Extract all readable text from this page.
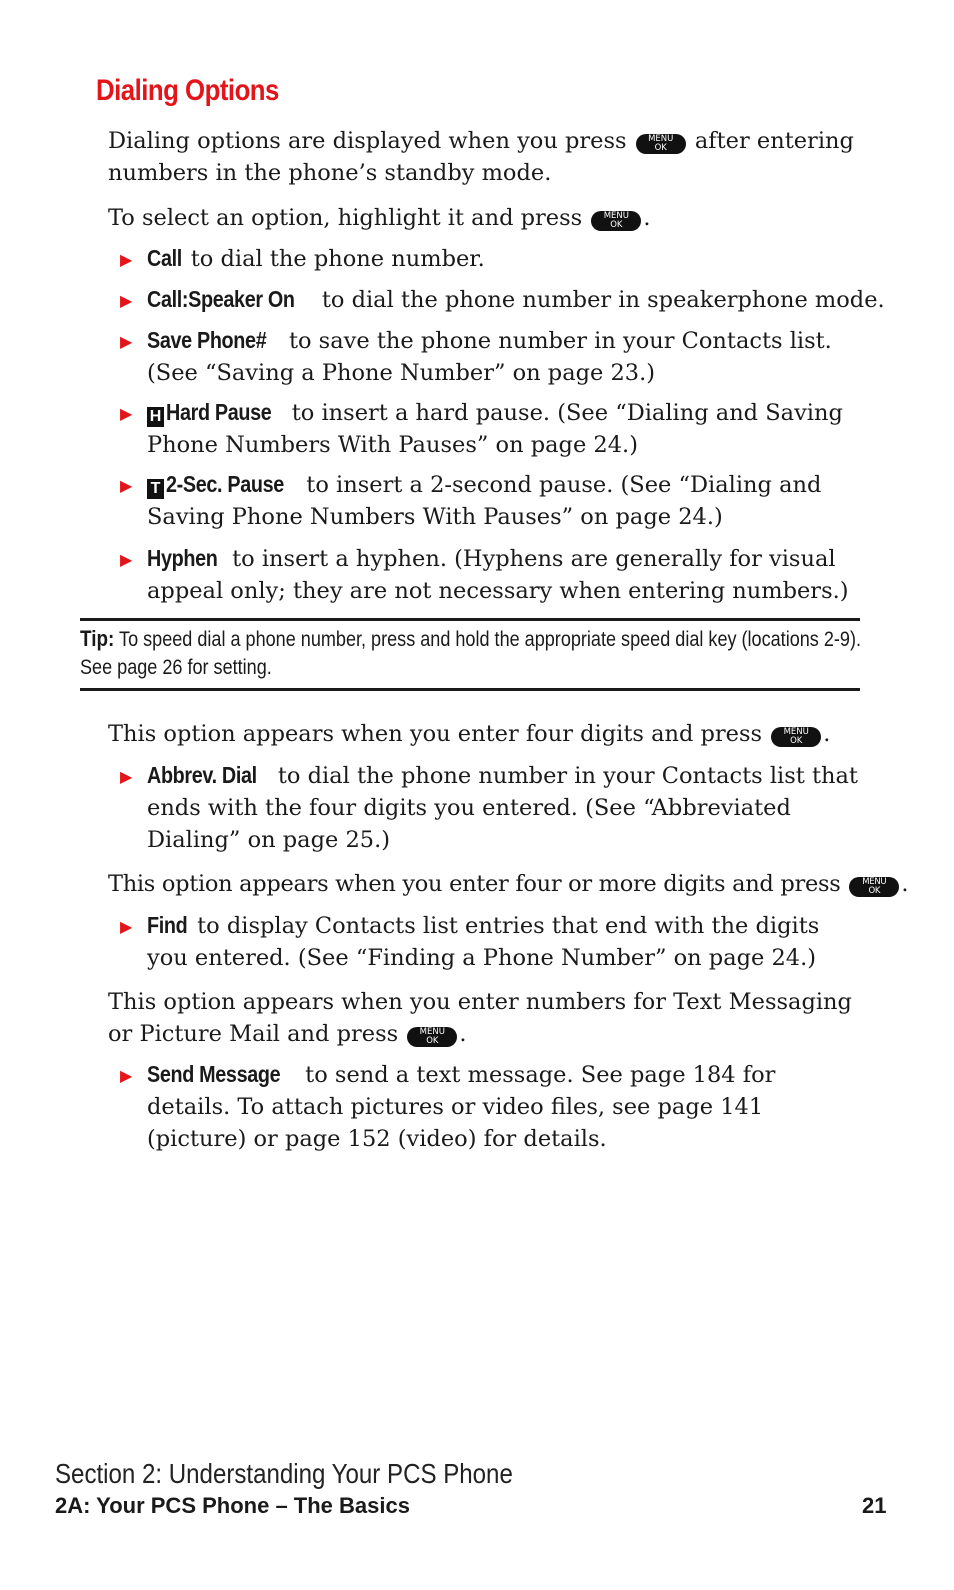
Dialing Options
Dialing options are displayed when you press	MENU
OK after entering numbers in the phone’s standby mode.
To select an option, highlight it and press	MENU
OK .
▶ Call to dial the phone number.
▶ Call:Speaker On to dial the phone number in speakerphone mode.
▶ Save Phone# to save the phone number in your Contacts list. (See “Saving a Phone Number” on page 23.)
▶ H Hard Pause to insert a hard pause. (See “Dialing and Saving Phone Numbers With Pauses” on page 24.)
▶ T 2-Sec. Pause to insert a 2-second pause. (See “Dialing and Saving Phone Numbers With Pauses” on page 24.)
▶ Hyphen to insert a hyphen. (Hyphens are generally for visual appeal only; they are not necessary when entering numbers.)
Tip: To speed dial a phone number, press and hold the appropriate speed dial key (locations 2-9). See page 26 for setting.
This option appears when you enter four digits and press	MENU
OK .
▶ Abbrev. Dial to dial the phone number in your Contacts list that ends with the four digits you entered. (See “Abbreviated Dialing” on page 25.)
This option appears when you enter four or more digits and press	MENU
OK .
▶ Find to display Contacts list entries that end with the digits you entered. (See “Finding a Phone Number” on page 24.)
This option appears when you enter numbers for Text Messaging or Picture Mail and press	MENU
OK .
▶ Send Message to send a text message. See page 184 for details. To attach pictures or video files, see page 141 (picture) or page 152 (video) for details.
Section 2: Understanding Your PCS Phone
2A: Your PCS Phone – The Basics	21
